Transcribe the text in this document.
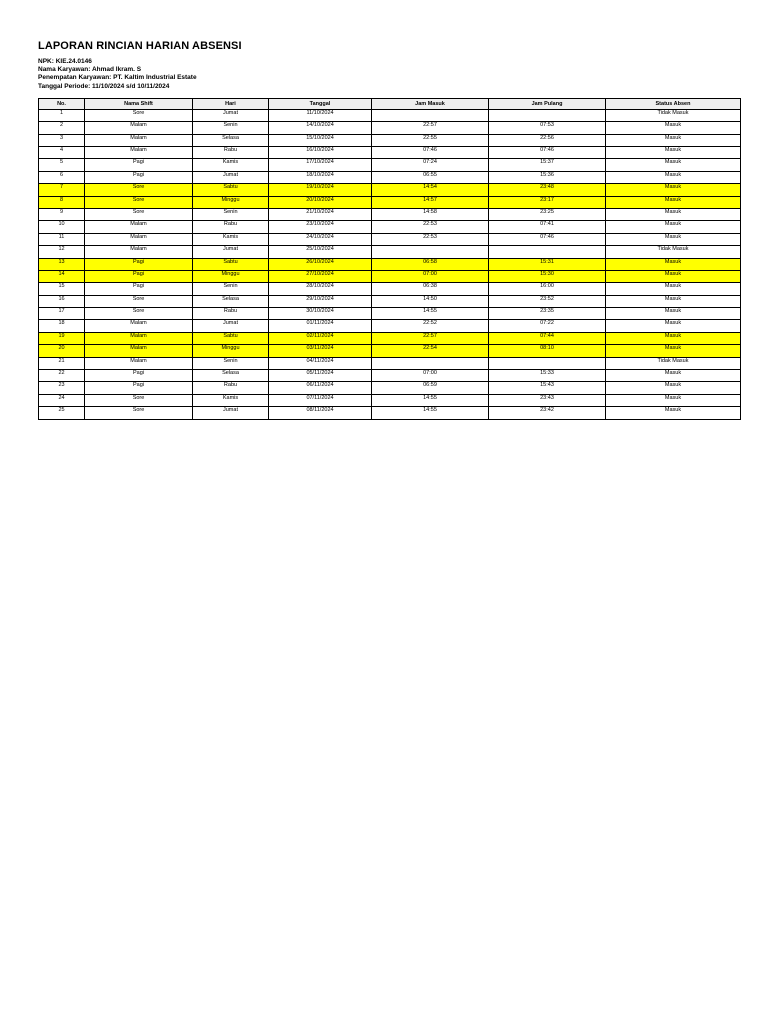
LAPORAN RINCIAN HARIAN ABSENSI
NPK: KIE.24.0146
Nama Karyawan: Ahmad Ikram. S
Penempatan Karyawan: PT. Kaltim Industrial Estate
Tanggal Periode: 11/10/2024 s/d 10/11/2024
No.	Nama Shift	Hari	Tanggal	Jam Masuk	Jam Pulang	Status Absen
1	Sore	Jumat	11/10/2024			Tidak Masuk
2	Malam	Senin	14/10/2024	22:57	07:53	Masuk
3	Malam	Selasa	15/10/2024	22:55	22:56	Masuk
4	Malam	Rabu	16/10/2024	07:46	07:46	Masuk
5	Pagi	Kamis	17/10/2024	07:24	15:37	Masuk
6	Pagi	Jumat	18/10/2024	06:55	15:36	Masuk
7	Sore	Sabtu	19/10/2024	14:54	23:48	Masuk
8	Sore	Minggu	20/10/2024	14:57	23:17	Masuk
9	Sore	Senin	21/10/2024	14:58	23:25	Masuk
10	Malam	Rabu	23/10/2024	22:53	07:41	Masuk
11	Malam	Kamis	24/10/2024	22:53	07:46	Masuk
12	Malam	Jumat	25/10/2024			Tidak Masuk
13	Pagi	Sabtu	26/10/2024	06:58	15:31	Masuk
14	Pagi	Minggu	27/10/2024	07:00	15:30	Masuk
15	Pagi	Senin	28/10/2024	06:38	16:00	Masuk
16	Sore	Selasa	29/10/2024	14:50	23:52	Masuk
17	Sore	Rabu	30/10/2024	14:55	23:35	Masuk
18	Malam	Jumat	01/11/2024	22:52	07:22	Masuk
19	Malam	Sabtu	02/11/2024	22:57	07:44	Masuk
20	Malam	Minggu	03/11/2024	22:54	08:10	Masuk
21	Malam	Senin	04/11/2024			Tidak Masuk
22	Pagi	Selasa	05/11/2024	07:00	15:33	Masuk
23	Pagi	Rabu	06/11/2024	06:59	15:43	Masuk
24	Sore	Kamis	07/11/2024	14:55	23:43	Masuk
25	Sore	Jumat	08/11/2024	14:55	23:42	Masuk
